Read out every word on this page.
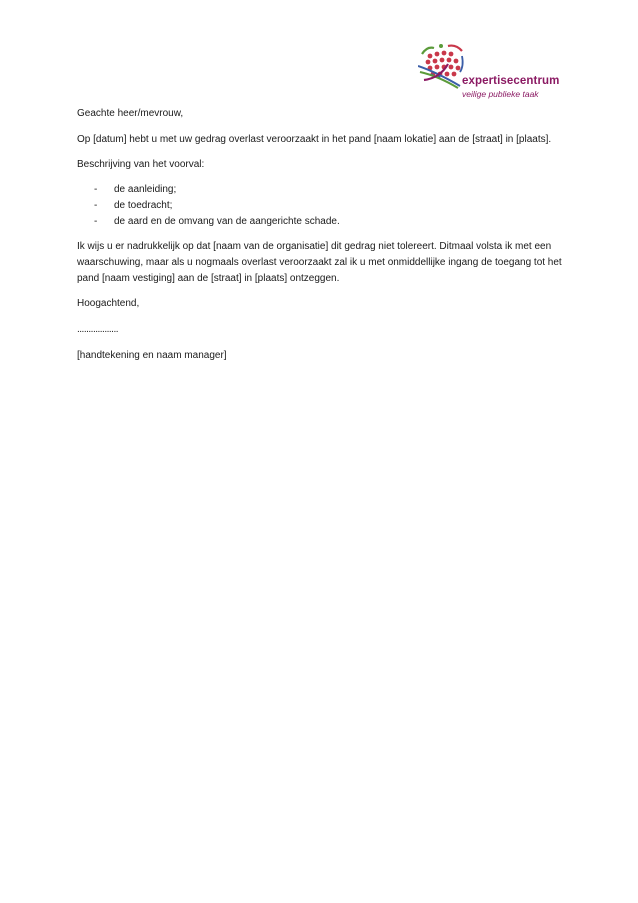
expertisecentrum
veilige publieke taak

Geachte heer/mevrouw,

Op [datum] hebt u met uw gedrag overlast veroorzaakt in het pand [naam lokatie] aan de [straat] in [plaats].

Beschrijving van het voorval:

- de aanleiding;
- de toedracht;
- de aard en de omvang van de aangerichte schade.

Ik wijs u er nadrukkelijk op dat [naam van de organisatie] dit gedrag niet tolereert. Ditmaal volsta ik met een waarschuwing, maar als u nogmaals overlast veroorzaakt zal ik u met onmiddellijke ingang de toegang tot het pand [naam vestiging] aan de [straat] in [plaats] ontzeggen.

Hoogachtend,

..................

[handtekening en naam manager]
